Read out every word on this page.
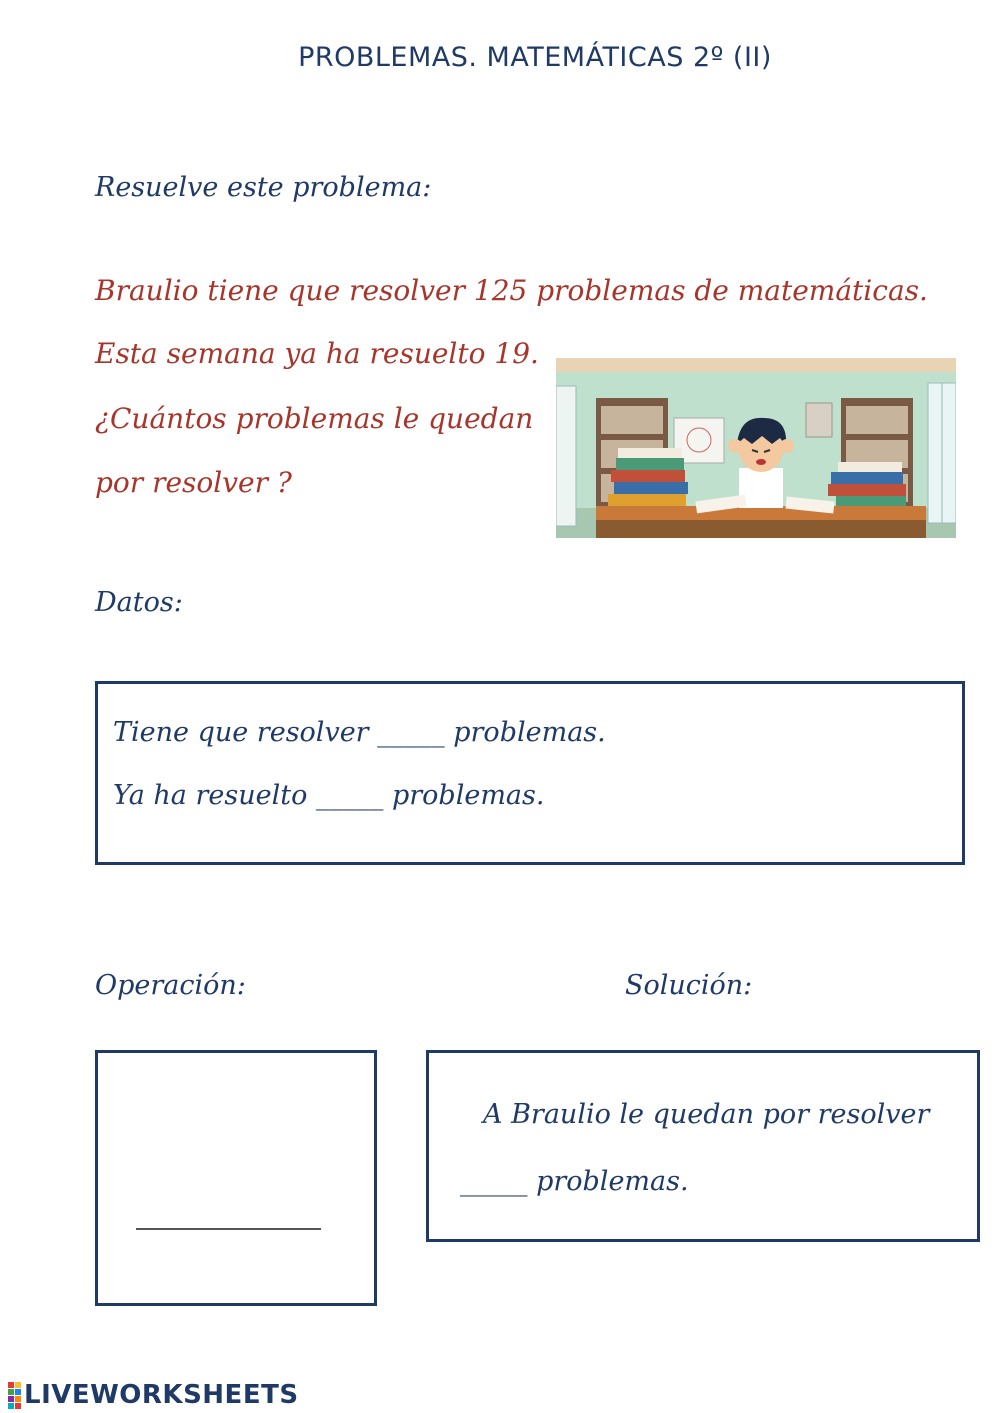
PROBLEMAS. MATEMÁTICAS 2º (II)
Resuelve este problema:
Braulio tiene que resolver 125 problemas de matemáticas.
Esta semana ya ha resuelto 19.
¿Cuántos problemas le quedan
por resolver ?
Datos:
Tiene que resolver _____ problemas.
Ya ha resuelto _____ problemas.
Operación:	Solución:
A Braulio le quedan por resolver
_____ problemas.
LIVEWORKSHEETS
